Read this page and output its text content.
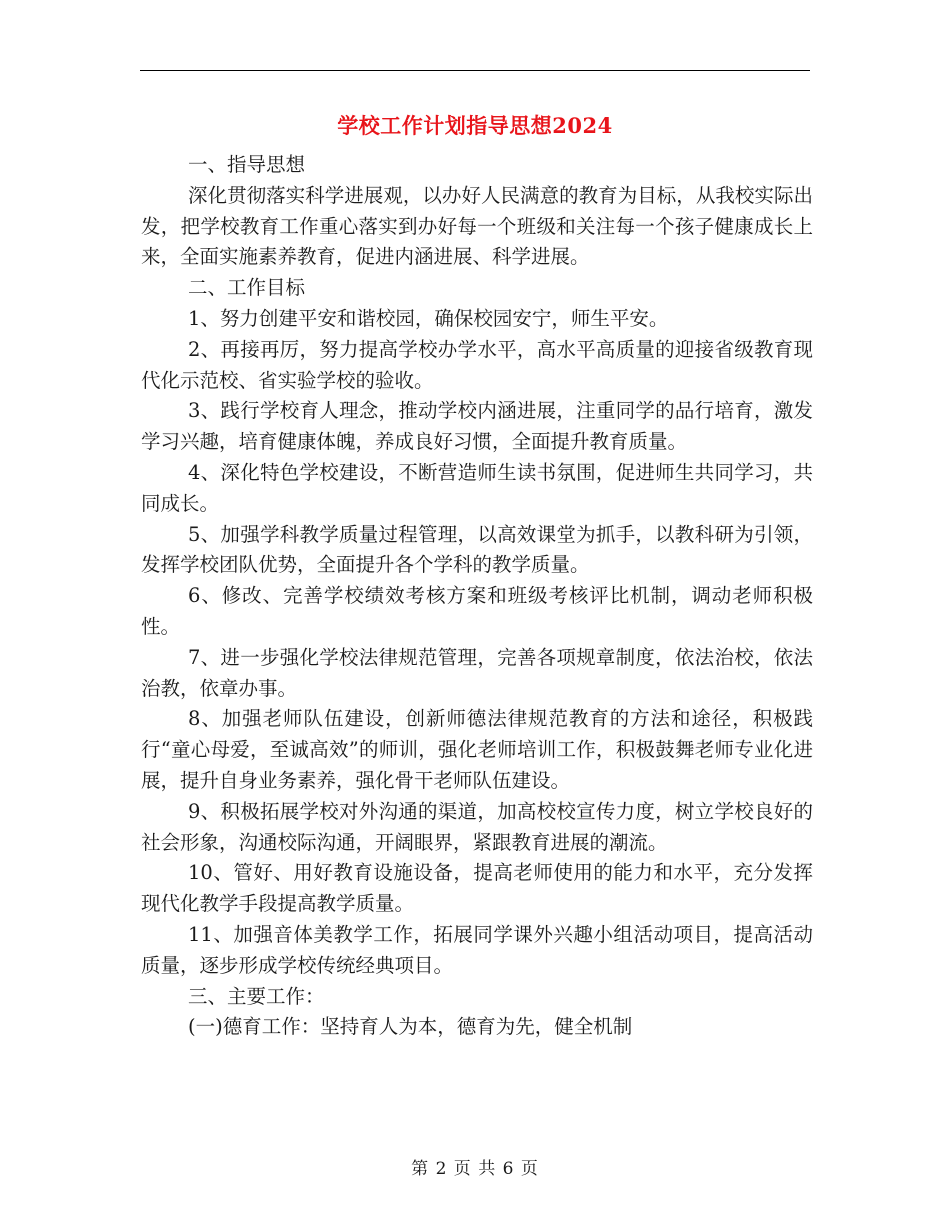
学校工作计划指导思想2024

一、指导思想

深化贯彻落实科学进展观，以办好人民满意的教育为目标，从我校实际出发，把学校教育工作重心落实到办好每一个班级和关注每一个孩子健康成长上来，全面实施素养教育，促进内涵进展、科学进展。

二、工作目标

1、努力创建平安和谐校园，确保校园安宁，师生平安。

2、再接再厉，努力提高学校办学水平，高水平高质量的迎接省级教育现代化示范校、省实验学校的验收。

3、践行学校育人理念，推动学校内涵进展，注重同学的品行培育，激发学习兴趣，培育健康体魄，养成良好习惯，全面提升教育质量。

4、深化特色学校建设，不断营造师生读书氛围，促进师生共同学习，共同成长。

5、加强学科教学质量过程管理，以高效课堂为抓手，以教科研为引领，发挥学校团队优势，全面提升各个学科的教学质量。

6、修改、完善学校绩效考核方案和班级考核评比机制，调动老师积极性。

7、进一步强化学校法律规范管理，完善各项规章制度，依法治校，依法治教，依章办事。

8、加强老师队伍建设，创新师德法律规范教育的方法和途径，积极践行“童心母爱，至诚高效”的师训，强化老师培训工作，积极鼓舞老师专业化进展，提升自身业务素养，强化骨干老师队伍建设。

9、积极拓展学校对外沟通的渠道，加高校校宣传力度，树立学校良好的社会形象，沟通校际沟通，开阔眼界，紧跟教育进展的潮流。

10、管好、用好教育设施设备，提高老师使用的能力和水平，充分发挥现代化教学手段提高教学质量。

11、加强音体美教学工作，拓展同学课外兴趣小组活动项目，提高活动质量，逐步形成学校传统经典项目。

三、主要工作：

(一)德育工作：坚持育人为本，德育为先，健全机制

第 2 页 共 6 页
